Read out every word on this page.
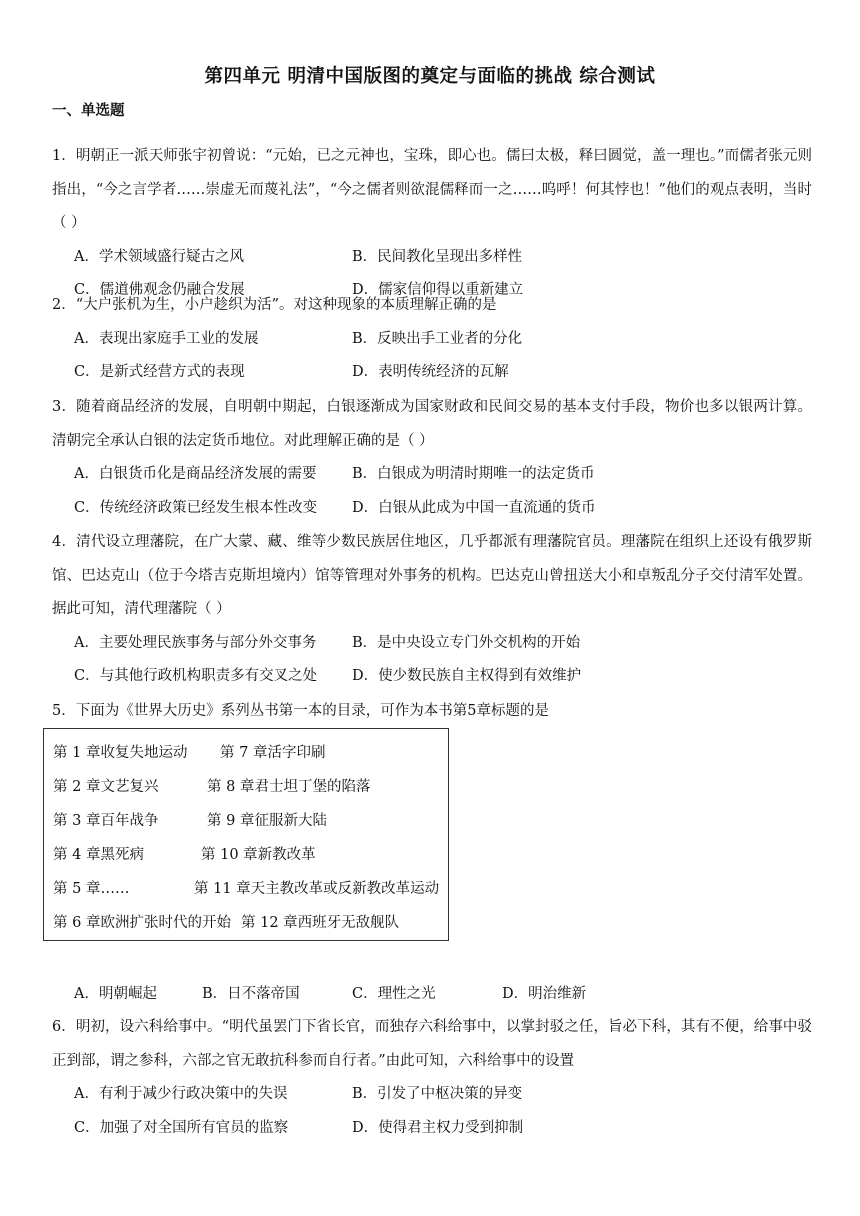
第四单元 明清中国版图的奠定与面临的挑战 综合测试
一、单选题
1．明朝正一派天师张宇初曾说：“元始，已之元神也，宝珠，即心也。儒曰太极，释曰圆觉，盖一理也。”而儒者张元则指出，“今之言学者……崇虚无而蔑礼法”，“今之儒者则欲混儒释而一之……呜呼！何其悖也！”他们的观点表明，当时（ ）
A．学术领域盛行疑古之风	B．民间教化呈现出多样性
C．儒道佛观念仍融合发展	D．儒家信仰得以重新建立
2．“大户张机为生，小户趁织为活”。对这种现象的本质理解正确的是
A．表现出家庭手工业的发展	B．反映出手工业者的分化
C．是新式经营方式的表现	D．表明传统经济的瓦解
3．随着商品经济的发展，自明朝中期起，白银逐渐成为国家财政和民间交易的基本支付手段，物价也多以银两计算。清朝完全承认白银的法定货币地位。对此理解正确的是（ ）
A．白银货币化是商品经济发展的需要 B．白银成为明清时期唯一的法定货币
C．传统经济政策已经发生根本性改变 D．白银从此成为中国一直流通的货币
4．清代设立理藩院，在广大蒙、藏、维等少数民族居住地区，几乎都派有理藩院官员。理藩院在组织上还设有俄罗斯馆、巴达克山（位于今塔吉克斯坦境内）馆等管理对外事务的机构。巴达克山曾扭送大小和卓叛乱分子交付清军处置。据此可知，清代理藩院（ ）
A．主要处理民族事务与部分外交事务 B．是中央设立专门外交机构的开始
C．与其他行政机构职责多有交叉之处 D．使少数民族自主权得到有效维护
5．下面为《世界大历史》系列丛书第一本的目录，可作为本书第5章标题的是
第 1 章收复失地运动 第 7 章活字印刷
第 2 章文艺复兴	第 8 章君士坦丁堡的陷落
第 3 章百年战争	第 9 章征服新大陆
第 4 章黑死病	第 10 章新教改革
第 5 章……	第 11 章天主教改革或反新教改革运动
第 6 章欧洲扩张时代的开始 第 12 章西班牙无敌舰队
A．明朝崛起	B．日不落帝国	C．理性之光	D．明治维新
6．明初，设六科给事中。“明代虽罢门下省长官，而独存六科给事中，以掌封驳之任，旨必下科，其有不便，给事中驳正到部，谓之参科，六部之官无敢抗科参而自行者。”由此可知，六科给事中的设置
A．有利于减少行政决策中的失误	B．引发了中枢决策的异变
C．加强了对全国所有官员的监察	D．使得君主权力受到抑制
